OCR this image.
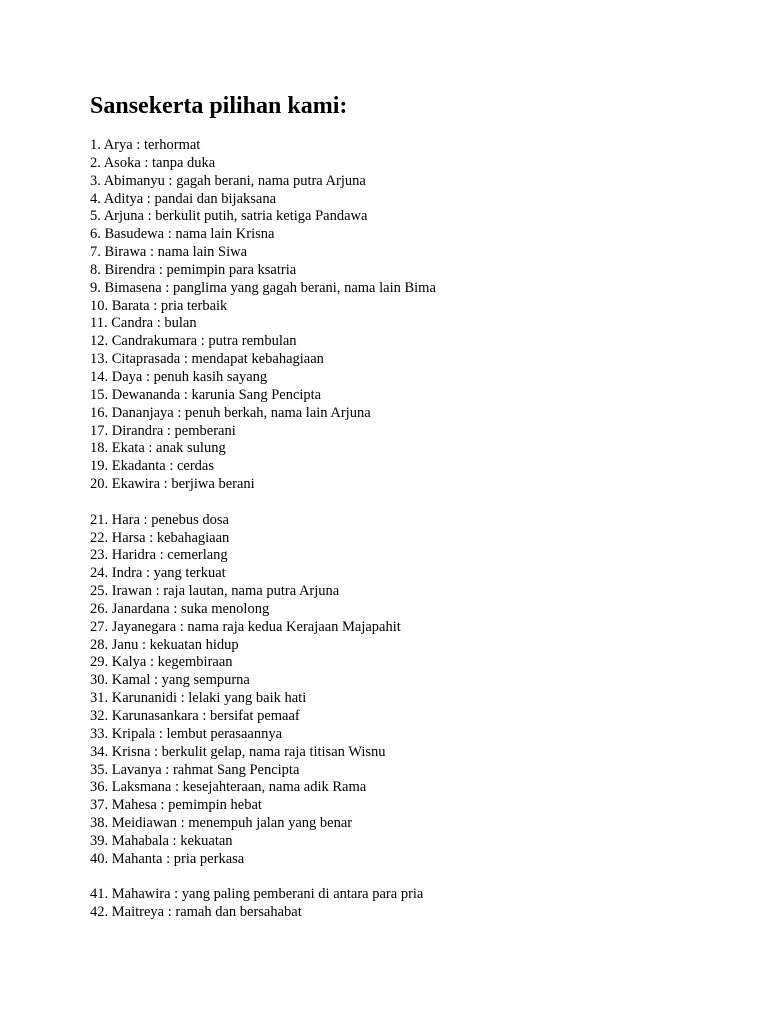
Sansekerta pilihan kami:
1. Arya : terhormat
2. Asoka : tanpa duka
3. Abimanyu : gagah berani, nama putra Arjuna
4. Aditya : pandai dan bijaksana
5. Arjuna : berkulit putih, satria ketiga Pandawa
6. Basudewa : nama lain Krisna
7. Birawa : nama lain Siwa
8. Birendra : pemimpin para ksatria
9. Bimasena : panglima yang gagah berani, nama lain Bima
10. Barata : pria terbaik
11. Candra : bulan
12. Candrakumara : putra rembulan
13. Citaprasada : mendapat kebahagiaan
14. Daya : penuh kasih sayang
15. Dewananda : karunia Sang Pencipta
16. Dananjaya : penuh berkah, nama lain Arjuna
17. Dirandra : pemberani
18. Ekata : anak sulung
19. Ekadanta : cerdas
20. Ekawira : berjiwa berani
21. Hara : penebus dosa
22. Harsa : kebahagiaan
23. Haridra : cemerlang
24. Indra : yang terkuat
25. Irawan : raja lautan, nama putra Arjuna
26. Janardana : suka menolong
27. Jayanegara : nama raja kedua Kerajaan Majapahit
28. Janu : kekuatan hidup
29. Kalya : kegembiraan
30. Kamal : yang sempurna
31. Karunanidi : lelaki yang baik hati
32. Karunasankara : bersifat pemaaf
33. Kripala : lembut perasaannya
34. Krisna : berkulit gelap, nama raja titisan Wisnu
35. Lavanya : rahmat Sang Pencipta
36. Laksmana : kesejahteraan, nama adik Rama
37. Mahesa : pemimpin hebat
38. Meidiawan : menempuh jalan yang benar
39. Mahabala : kekuatan
40. Mahanta : pria perkasa
41. Mahawira : yang paling pemberani di antara para pria
42. Maitreya : ramah dan bersahabat
